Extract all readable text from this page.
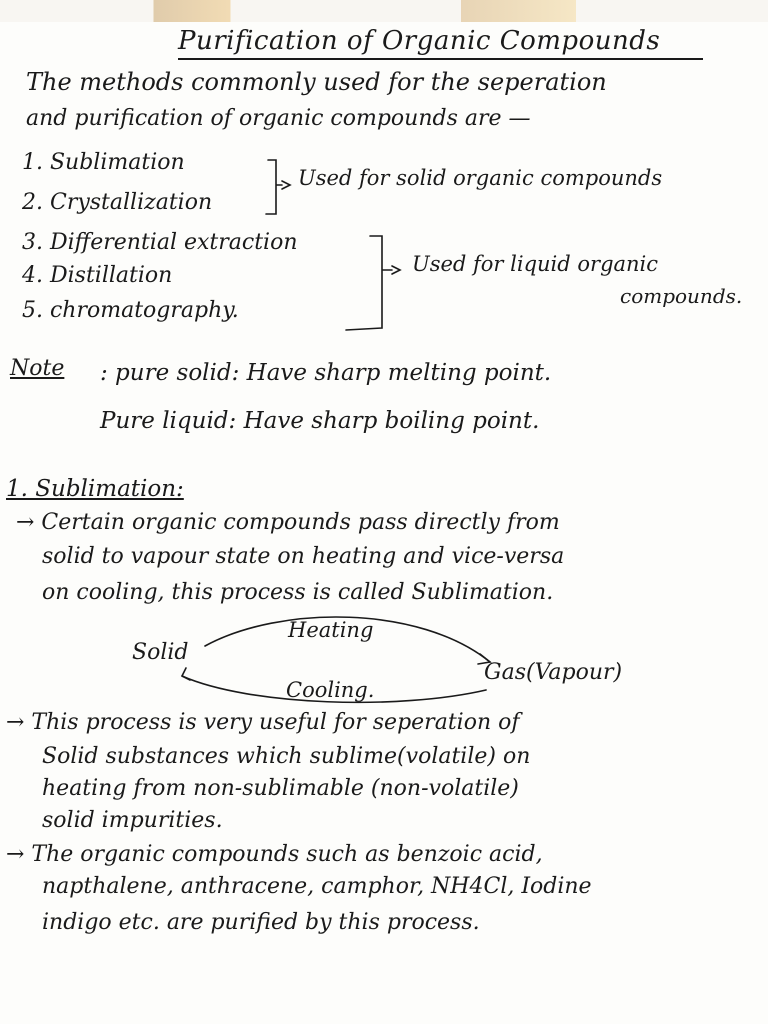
Purification of Organic Compounds
The methods commonly used for the seperation
and purification of organic compounds are —
1. Sublimation
2. Crystallization
3. Differential extraction
4. Distillation
5. chromatography.
Used for solid organic compounds
Used for liquid organic
compounds.
Note : pure solid: Have sharp melting point.
Pure liquid: Have sharp boiling point.
1. Sublimation:
→ Certain organic compounds pass directly from
solid to vapour state on heating and vice-versa
on cooling, this process is called Sublimation.
Solid
Heating
Gas(Vapour)
Cooling.
→ This process is very useful for seperation of
Solid substances which sublime(volatile) on
heating from non-sublimable (non-volatile)
solid impurities.
→ The organic compounds such as benzoic acid,
napthalene, anthracene, camphor, NH4Cl, Iodine
indigo etc. are purified by this process.
